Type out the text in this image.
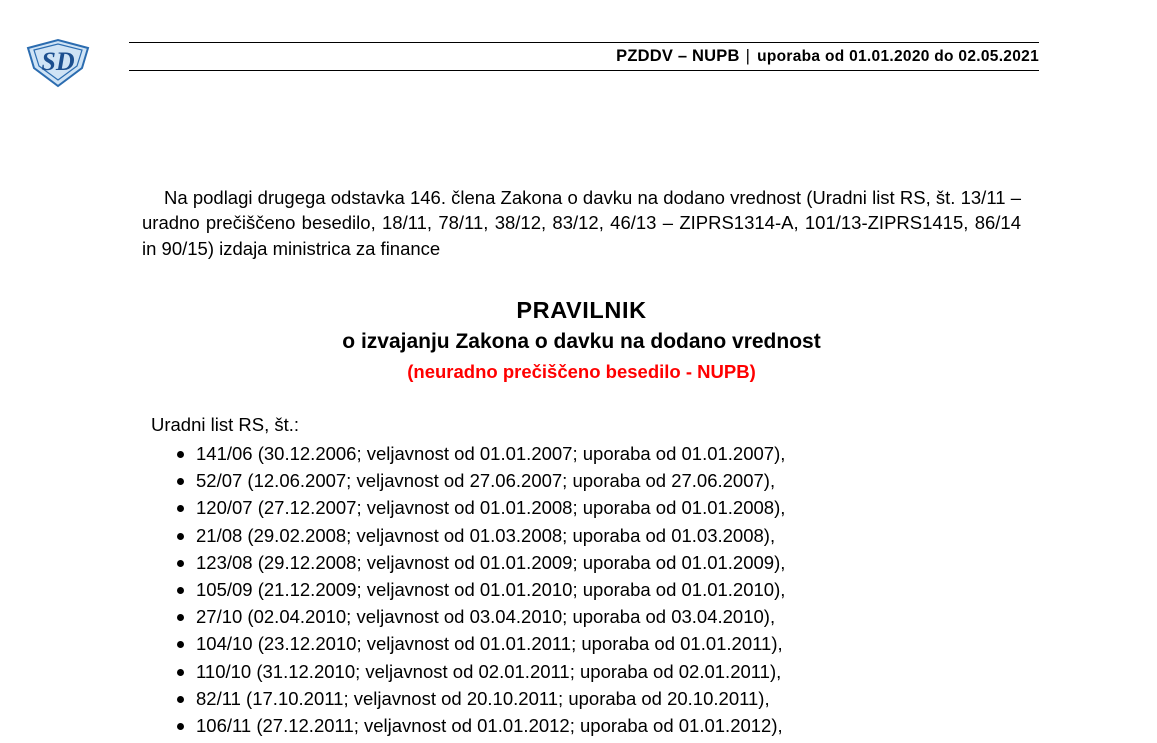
SD	PZDDV – NUPB | uporaba od 01.01.2020 do 02.05.2021

Na podlagi drugega odstavka 146. člena Zakona o davku na dodano vrednost (Uradni list RS, št. 13/11 – uradno prečiščeno besedilo, 18/11, 78/11, 38/12, 83/12, 46/13 – ZIPRS1314-A, 101/13-ZIPRS1415, 86/14 in 90/15) izdaja ministrica za finance

PRAVILNIK
o izvajanju Zakona o davku na dodano vrednost
(neuradno prečiščeno besedilo - NUPB)
Uradni list RS, št.:
141/06 (30.12.2006; veljavnost od 01.01.2007; uporaba od 01.01.2007),
52/07 (12.06.2007; veljavnost od 27.06.2007; uporaba od 27.06.2007),
120/07 (27.12.2007; veljavnost od 01.01.2008; uporaba od 01.01.2008),
21/08 (29.02.2008; veljavnost od 01.03.2008; uporaba od 01.03.2008),
123/08 (29.12.2008; veljavnost od 01.01.2009; uporaba od 01.01.2009),
105/09 (21.12.2009; veljavnost od 01.01.2010; uporaba od 01.01.2010),
27/10 (02.04.2010; veljavnost od 03.04.2010; uporaba od 03.04.2010),
104/10 (23.12.2010; veljavnost od 01.01.2011; uporaba od 01.01.2011),
110/10 (31.12.2010; veljavnost od 02.01.2011; uporaba od 02.01.2011),
82/11 (17.10.2011; veljavnost od 20.10.2011; uporaba od 20.10.2011),
106/11 (27.12.2011; veljavnost od 01.01.2012; uporaba od 01.01.2012),
